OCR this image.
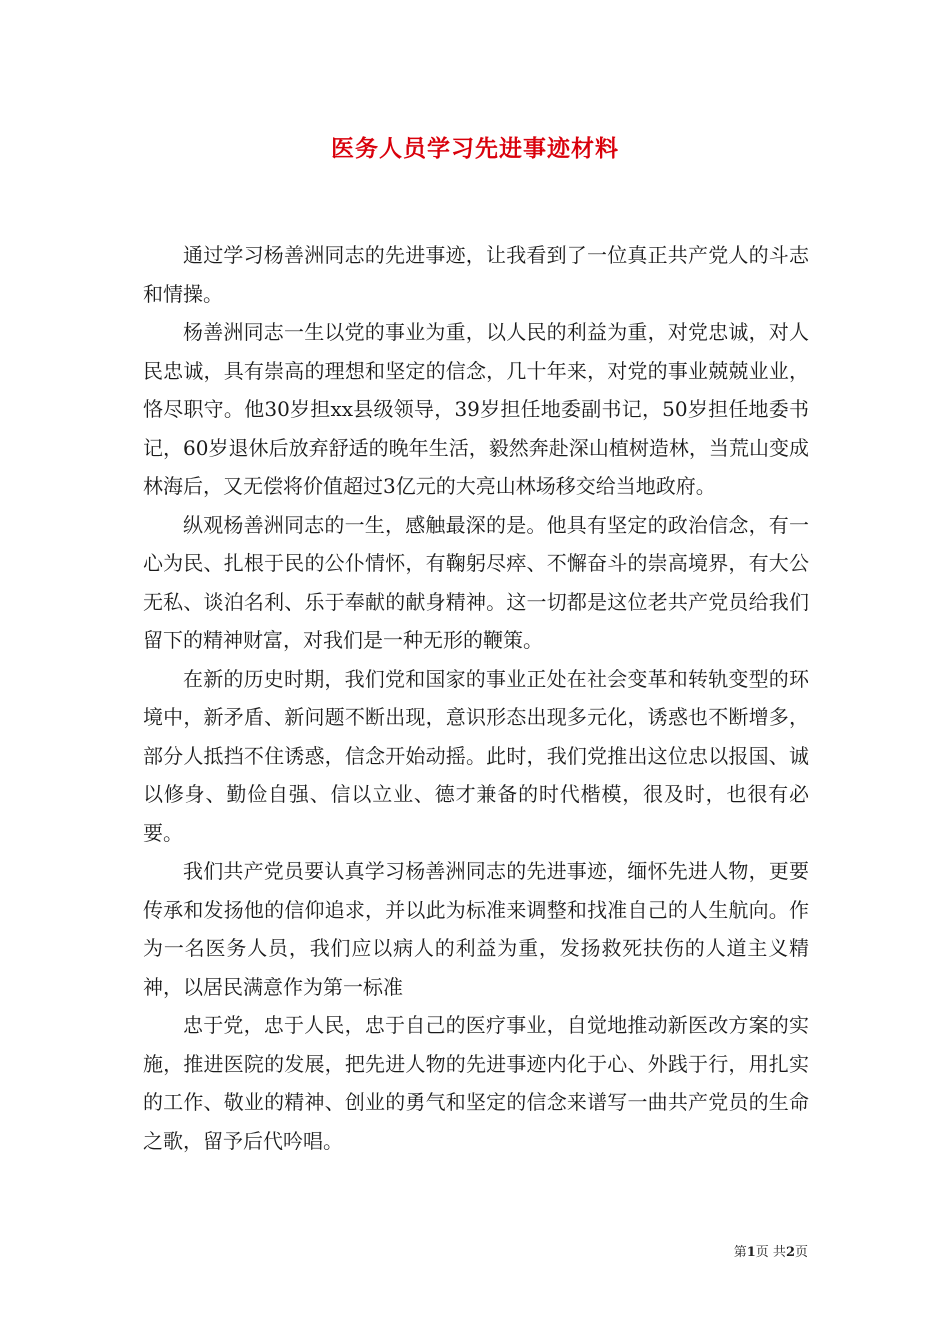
医务人员学习先进事迹材料

通过学习杨善洲同志的先进事迹，让我看到了一位真正共产党人的斗志和情操。

杨善洲同志一生以党的事业为重，以人民的利益为重，对党忠诚，对人民忠诚，具有崇高的理想和坚定的信念，几十年来，对党的事业兢兢业业，恪尽职守。他30岁担xx县级领导，39岁担任地委副书记，50岁担任地委书记，60岁退休后放弃舒适的晚年生活，毅然奔赴深山植树造林，当荒山变成林海后，又无偿将价值超过3亿元的大亮山林场移交给当地政府。

纵观杨善洲同志的一生，感触最深的是。他具有坚定的政治信念，有一心为民、扎根于民的公仆情怀，有鞠躬尽瘁、不懈奋斗的崇高境界，有大公无私、谈泊名利、乐于奉献的献身精神。这一切都是这位老共产党员给我们留下的精神财富，对我们是一种无形的鞭策。

在新的历史时期，我们党和国家的事业正处在社会变革和转轨变型的环境中，新矛盾、新问题不断出现，意识形态出现多元化，诱惑也不断增多，部分人抵挡不住诱惑，信念开始动摇。此时，我们党推出这位忠以报国、诚以修身、勤俭自强、信以立业、德才兼备的时代楷模，很及时，也很有必要。

我们共产党员要认真学习杨善洲同志的先进事迹，缅怀先进人物，更要传承和发扬他的信仰追求，并以此为标准来调整和找准自己的人生航向。作为一名医务人员，我们应以病人的利益为重，发扬救死扶伤的人道主义精神，以居民满意作为第一标准

忠于党，忠于人民，忠于自己的医疗事业，自觉地推动新医改方案的实施，推进医院的发展，把先进人物的先进事迹内化于心、外践于行，用扎实的工作、敬业的精神、创业的勇气和坚定的信念来谱写一曲共产党员的生命之歌，留予后代吟唱。

第1页 共2页
